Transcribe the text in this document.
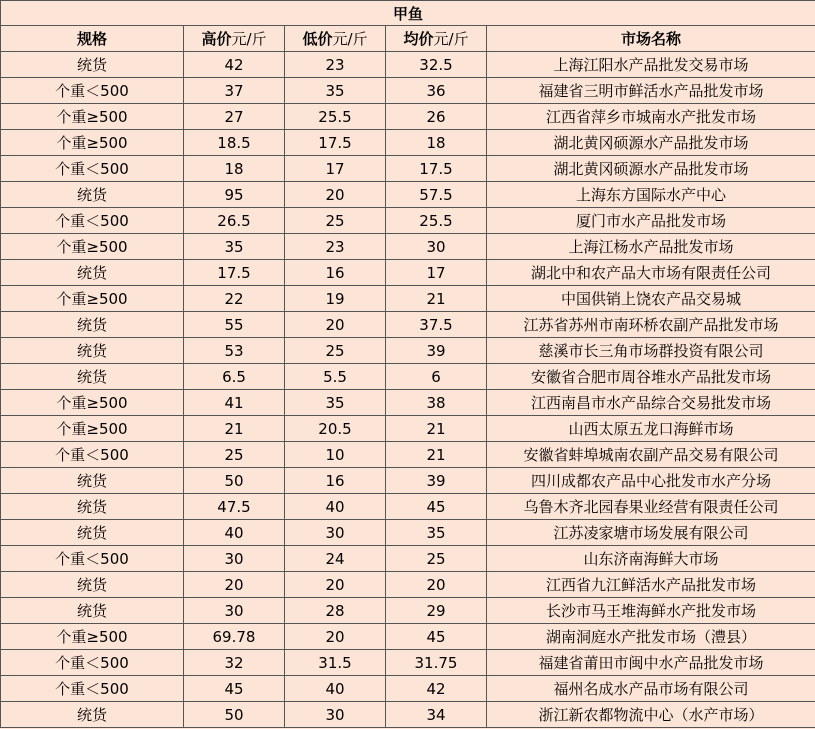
甲鱼				
规格	高价元/斤	低价元/斤	均价元/斤	市场名称
统货	42	23	32.5	上海江阳水产品批发交易市场
个重＜500	37	35	36	福建省三明市鲜活水产品批发市场
个重≥500	27	25.5	26	江西省萍乡市城南水产批发市场
个重≥500	18.5	17.5	18	湖北黄冈硕源水产品批发市场
个重＜500	18	17	17.5	湖北黄冈硕源水产品批发市场
统货	95	20	57.5	上海东方国际水产中心
个重＜500	26.5	25	25.5	厦门市水产品批发市场
个重≥500	35	23	30	上海江杨水产品批发市场
统货	17.5	16	17	湖北中和农产品大市场有限责任公司
个重≥500	22	19	21	中国供销上饶农产品交易城
统货	55	20	37.5	江苏省苏州市南环桥农副产品批发市场
统货	53	25	39	慈溪市长三角市场群投资有限公司
统货	6.5	5.5	6	安徽省合肥市周谷堆水产品批发市场
个重≥500	41	35	38	江西南昌市水产品综合交易批发市场
个重≥500	21	20.5	21	山西太原五龙口海鲜市场
个重＜500	25	10	21	安徽省蚌埠城南农副产品交易有限公司
统货	50	16	39	四川成都农产品中心批发市水产分场
统货	47.5	40	45	乌鲁木齐北园春果业经营有限责任公司
统货	40	30	35	江苏凌家塘市场发展有限公司
个重＜500	30	24	25	山东济南海鲜大市场
统货	20	20	20	江西省九江鲜活水产品批发市场
统货	30	28	29	长沙市马王堆海鲜水产批发市场
个重≥500	69.78	20	45	湖南洞庭水产批发市场（澧县）
个重＜500	32	31.5	31.75	福建省莆田市闽中水产品批发市场
个重＜500	45	40	42	福州名成水产品市场有限公司
统货	50	30	34	浙江新农都物流中心（水产市场）
